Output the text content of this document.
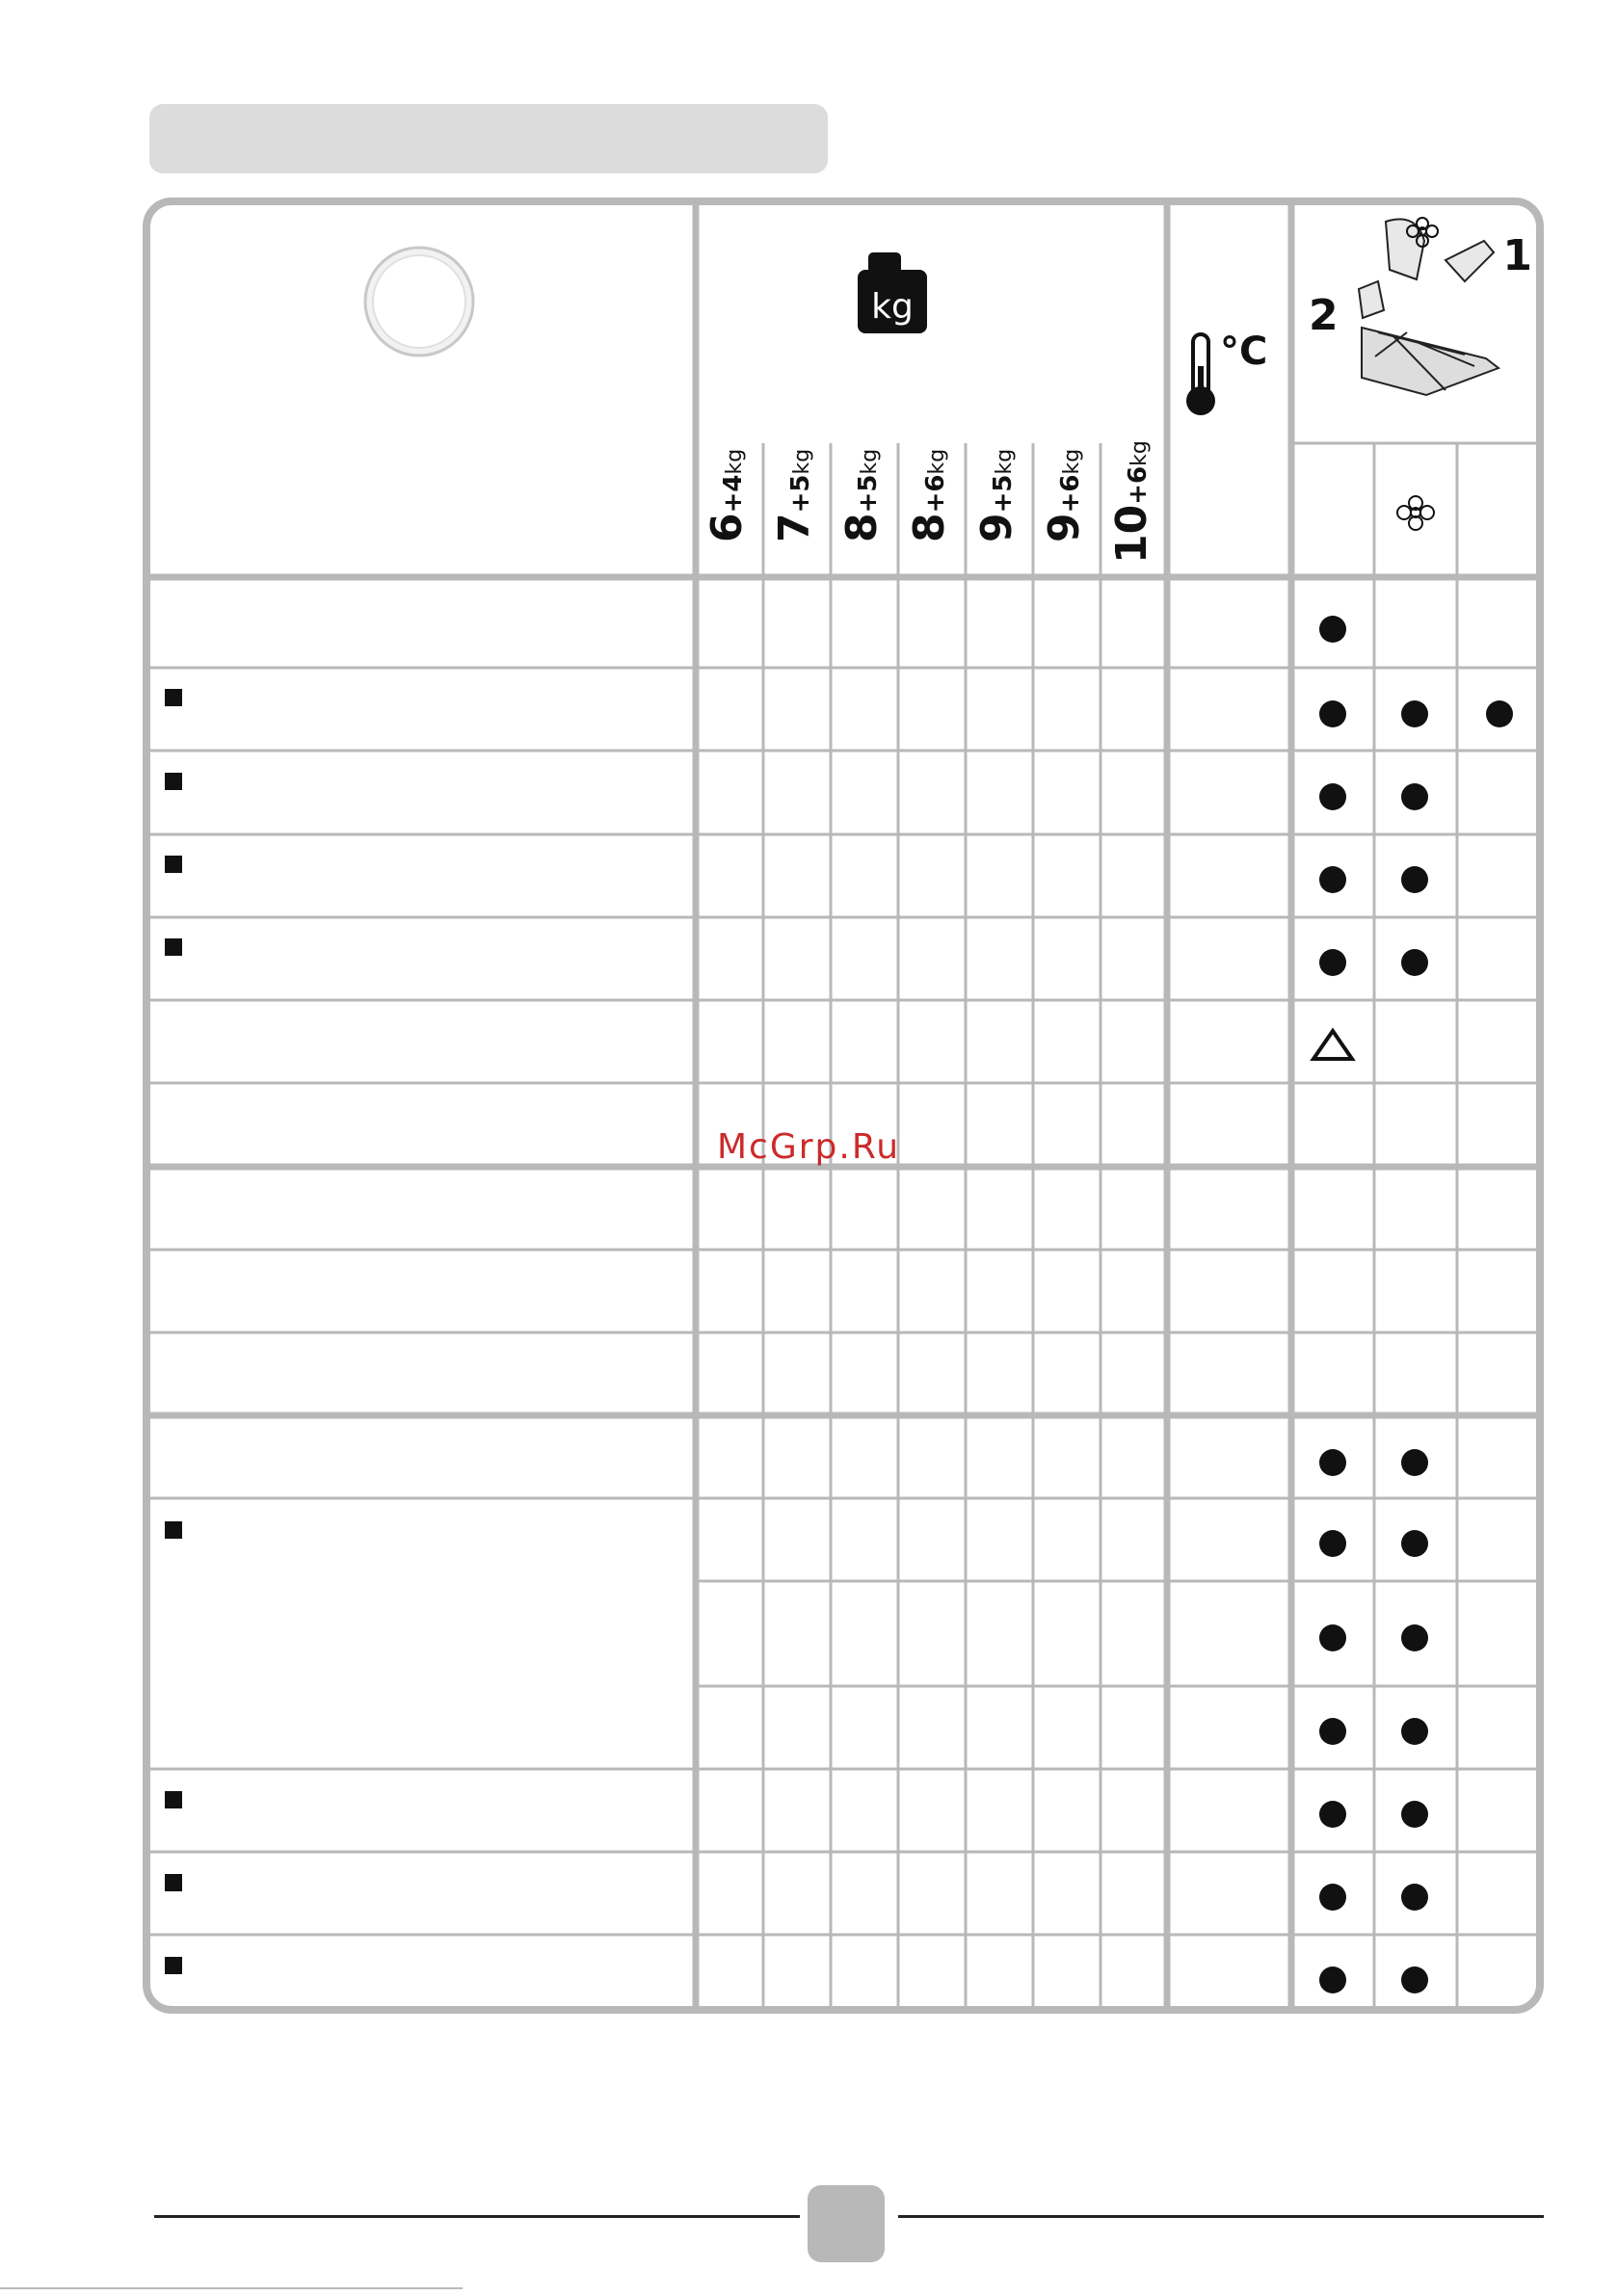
kg
°C
1
2
6+4kg
7+5kg
8+5kg
8+6kg
9+5kg
9+6kg
10+6kg
McGrp.Ru
